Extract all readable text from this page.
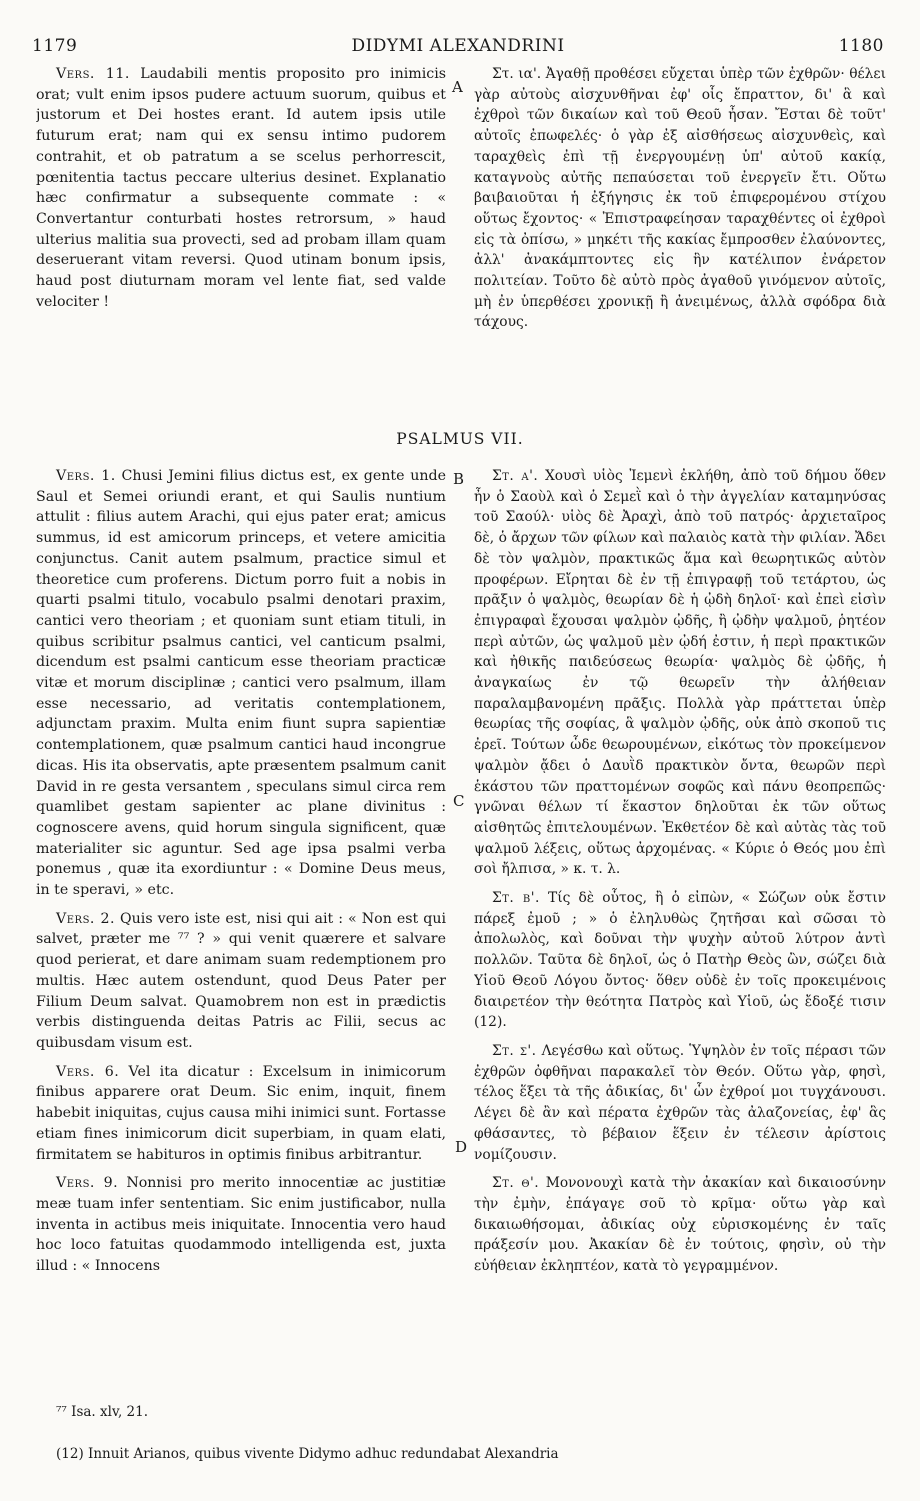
1179	DIDYMI ALEXANDRINI	1180

Vers. 11. Laudabili mentis proposito pro inimicis orat; vult enim ipsos pudere actuum suorum, quibus et justorum et Dei hostes erant. Id autem ipsis utile futurum erat; nam qui ex sensu intimo pudorem contrahit, et ob patratum a se scelus perhorrescit, pœnitentia tactus peccare ulterius desinet. Explanatio hæc confirmatur a subsequente commate : « Convertantur conturbati hostes retrorsum, » haud ulterius malitia sua provecti, sed ad probam illam quam deseruerant vitam reversi. Quod utinam bonum ipsis, haud post diuturnam moram vel lente fiat, sed valde velociter !

Στ. ια'. Ἀγαθῇ προθέσει εὔχεται ὑπὲρ τῶν ἐχθρῶν· θέλει γὰρ αὐτοὺς αἰσχυνθῆναι ἐφ' οἷς ἔπραττον, δι' ἃ καὶ ἐχθροὶ τῶν δικαίων καὶ τοῦ Θεοῦ ἦσαν. Ἔσται δὲ τοῦτ' αὐτοῖς ἐπωφελές· ὁ γὰρ ἐξ αἰσθήσεως αἰσχυνθεὶς, καὶ ταραχθεὶς ἐπὶ τῇ ἐνεργουμένῃ ὑπ' αὐτοῦ κακίᾳ, καταγνοὺς αὐτῆς πεπαύσεται τοῦ ἐνεργεῖν ἔτι. Οὕτω βαιβαιοῦται ἡ ἐξήγησις ἐκ τοῦ ἐπιφερομένου στίχου οὕτως ἔχοντος· « Ἐπιστραφείησαν ταραχθέντες οἱ ἐχθροὶ εἰς τὰ ὀπίσω, » μηκέτι τῆς κακίας ἔμπροσθεν ἐλαύνοντες, ἀλλ' ἀνακάμπτοντες εἰς ἣν κατέλιπον ἐνάρετον πολιτείαν. Τοῦτο δὲ αὐτὸ πρὸς ἀγαθοῦ γινόμενον αὐτοῖς, μὴ ἐν ὑπερθέσει χρονικῇ ἢ ἀνειμένως, ἀλλὰ σφόδρα διὰ τάχους.

A
PSALMUS VII.

Vers. 1. Chusi Jemini filius dictus est, ex gente unde Saul et Semei oriundi erant, et qui Saulis nuntium attulit : filius autem Arachi, qui ejus pater erat; amicus summus, id est amicorum princeps, et vetere amicitia conjunctus. Canit autem psalmum, practice simul et theoretice cum proferens. Dictum porro fuit a nobis in quarti psalmi titulo, vocabulo psalmi denotari praxim, cantici vero theoriam ; et quoniam sunt etiam tituli, in quibus scribitur psalmus cantici, vel canticum psalmi, dicendum est psalmi canticum esse theoriam practicæ vitæ et morum disciplinæ ; cantici vero psalmum, illam esse necessario, ad veritatis contemplationem, adjunctam praxim. Multa enim fiunt supra sapientiæ contemplationem, quæ psalmum cantici haud incongrue dicas. His ita observatis, apte præsentem psalmum canit David in re gesta versantem , speculans simul circa rem quamlibet gestam sapienter ac plane divinitus : cognoscere avens, quid horum singula significent, quæ materialiter sic aguntur. Sed age ipsa psalmi verba ponemus , quæ ita exordiuntur : « Domine Deus meus, in te speravi, » etc.

Vers. 2. Quis vero iste est, nisi qui ait : « Non est qui salvet, præter me ⁷⁷ ? » qui venit quærere et salvare quod perierat, et dare animam suam redemptionem pro multis. Hæc autem ostendunt, quod Deus Pater per Filium Deum salvat. Quamobrem non est in prædictis verbis distinguenda deitas Patris ac Filii, secus ac quibusdam visum est.

Vers. 6. Vel ita dicatur : Excelsum in inimicorum finibus apparere orat Deum. Sic enim, inquit, finem habebit iniquitas, cujus causa mihi inimici sunt. Fortasse etiam fines inimicorum dicit superbiam, in quam elati, firmitatem se habituros in optimis finibus arbitrantur.

Vers. 9. Nonnisi pro merito innocentiæ ac justitiæ meæ tuam infer sententiam. Sic enim justificabor, nulla inventa in actibus meis iniquitate. Innocentia vero haud hoc loco fatuitas quodammodo intelligenda est, juxta illud : « Innocens

Στ. α'. Χουσὶ υἱὸς Ἰεμενὶ ἐκλήθη, ἀπὸ τοῦ δήμου ὅθεν ἦν ὁ Σαοὺλ καὶ ὁ Σεμεῒ καὶ ὁ τὴν ἀγγελίαν καταμηνύσας τοῦ Σαούλ· υἱὸς δὲ Ἀραχὶ, ἀπὸ τοῦ πατρός· ἀρχιεταῖρος δὲ, ὁ ἄρχων τῶν φίλων καὶ παλαιὸς κατὰ τὴν φιλίαν. Ἄδει δὲ τὸν ψαλμὸν, πρακτικῶς ἅμα καὶ θεωρητικῶς αὐτὸν προφέρων. Εἴρηται δὲ ἐν τῇ ἐπιγραφῇ τοῦ τετάρτου, ὡς πρᾶξιν ὁ ψαλμὸς, θεωρίαν δὲ ἡ ᾠδὴ δηλοῖ· καὶ ἐπεὶ εἰσὶν ἐπιγραφαὶ ἔχουσαι ψαλμὸν ᾠδῆς, ἢ ᾠδὴν ψαλμοῦ, ῥητέον περὶ αὐτῶν, ὡς ψαλμοῦ μὲν ᾠδή ἐστιν, ἡ περὶ πρακτικῶν καὶ ἠθικῆς παιδεύσεως θεωρία· ψαλμὸς δὲ ᾠδῆς, ἡ ἀναγκαίως ἐν τῷ θεωρεῖν τὴν ἀλήθειαν παραλαμβανομένη πρᾶξις. Πολλὰ γὰρ πράττεται ὑπὲρ θεωρίας τῆς σοφίας, ἃ ψαλμὸν ᾠδῆς, οὐκ ἀπὸ σκοποῦ τις ἐρεῖ. Τούτων ὧδε θεωρουμένων, εἰκότως τὸν προκείμενον ψαλμὸν ᾄδει ὁ Δαυῒδ πρακτικὸν ὄντα, θεωρῶν περὶ ἑκάστου τῶν πραττομένων σοφῶς καὶ πάνυ θεοπρεπῶς· γνῶναι θέλων τί ἕκαστον δηλοῦται ἐκ τῶν οὕτως αἰσθητῶς ἐπιτελουμένων. Ἐκθετέον δὲ καὶ αὐτὰς τὰς τοῦ ψαλμοῦ λέξεις, οὕτως ἀρχομένας. « Κύριε ὁ Θεός μου ἐπὶ σοὶ ἤλπισα, » κ. τ. λ.

Στ. β'. Τίς δὲ οὗτος, ἢ ὁ εἰπὼν, « Σώζων οὐκ ἔστιν πάρεξ ἐμοῦ ; » ὁ ἐληλυθὼς ζητῆσαι καὶ σῶσαι τὸ ἀπολωλὸς, καὶ δοῦναι τὴν ψυχὴν αὐτοῦ λύτρον ἀντὶ πολλῶν. Ταῦτα δὲ δηλοῖ, ὡς ὁ Πατὴρ Θεὸς ὢν, σώζει διὰ Υἱοῦ Θεοῦ Λόγου ὄντος· ὅθεν οὐδὲ ἐν τοῖς προκειμένοις διαιρετέον τὴν θεότητα Πατρὸς καὶ Υἱοῦ, ὡς ἔδοξέ τισιν (12).

Στ. ς'. Λεγέσθω καὶ οὕτως. Ὑψηλὸν ἐν τοῖς πέρασι τῶν ἐχθρῶν ὀφθῆναι παρακαλεῖ τὸν Θεόν. Οὕτω γὰρ, φησὶ, τέλος ἕξει τὰ τῆς ἀδικίας, δι' ὧν ἐχθροί μοι τυγχάνουσι. Λέγει δὲ ἂν καὶ πέρατα ἐχθρῶν τὰς ἀλαζονείας, ἐφ' ἃς φθάσαντες, τὸ βέβαιον ἕξειν ἐν τέλεσιν ἀρίστοις νομίζουσιν.

Στ. θ'. Μονονουχὶ κατὰ τὴν ἀκακίαν καὶ δικαιοσύνην τὴν ἐμὴν, ἐπάγαγε σοῦ τὸ κρῖμα· οὕτω γὰρ καὶ δικαιωθήσομαι, ἀδικίας οὐχ εὑρισκομένης ἐν ταῖς πράξεσίν μου. Ἀκακίαν δὲ ἐν τούτοις, φησὶν, οὐ τὴν εὐήθειαν ἐκληπτέον, κατὰ τὸ γεγραμμένον.

B
C
D
⁷⁷ Isa. xlv, 21.
(12) Innuit Arianos, quibus vivente Didymo adhuc redundabat Alexandria
